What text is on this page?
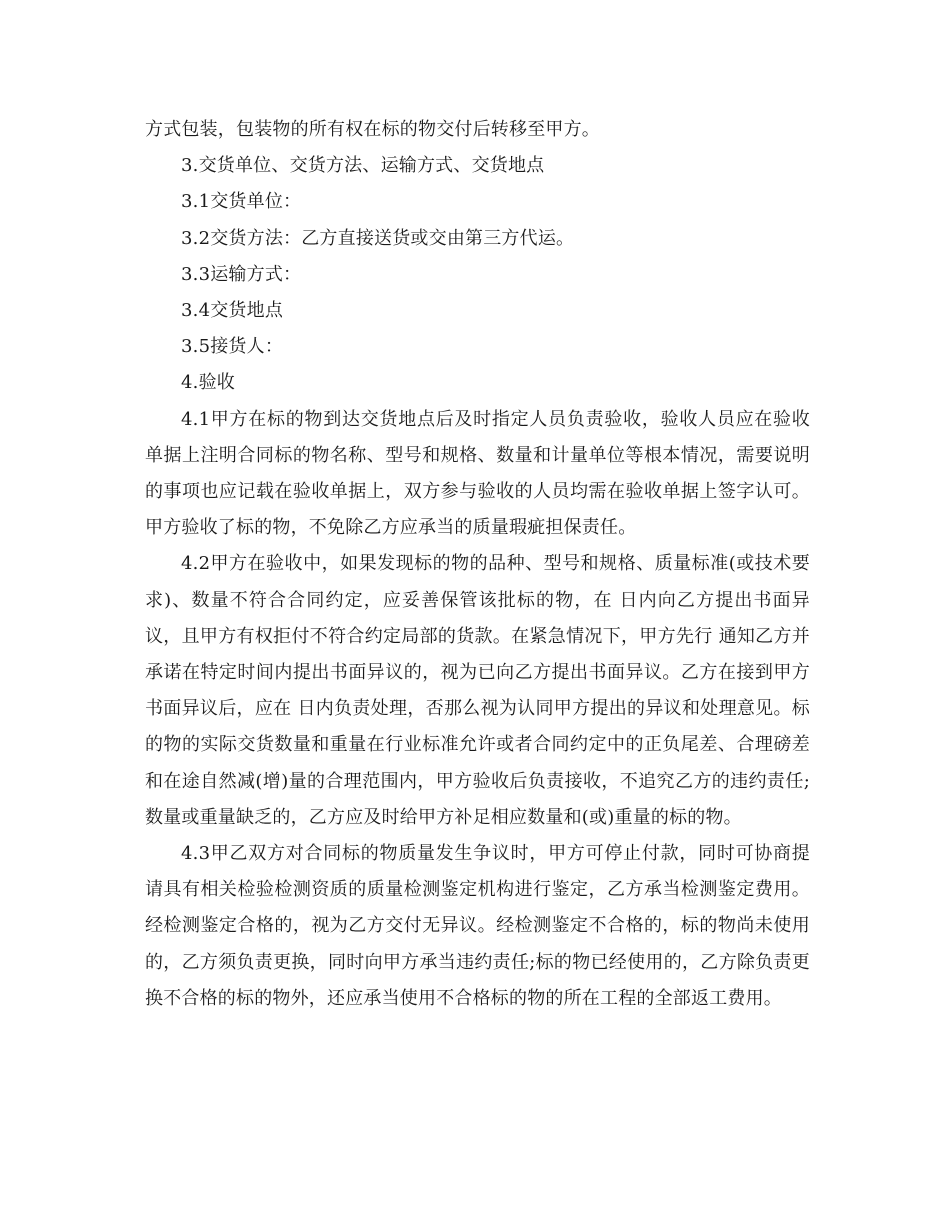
方式包装，包装物的所有权在标的物交付后转移至甲方。

3.交货单位、交货方法、运输方式、交货地点

3.1交货单位：

3.2交货方法：乙方直接送货或交由第三方代运。

3.3运输方式：

3.4交货地点

3.5接货人：

4.验收

4.1甲方在标的物到达交货地点后及时指定人员负责验收，验收人员应在验收单据上注明合同标的物名称、型号和规格、数量和计量单位等根本情况，需要说明的事项也应记载在验收单据上，双方参与验收的人员均需在验收单据上签字认可。甲方验收了标的物，不免除乙方应承当的质量瑕疵担保责任。

4.2甲方在验收中，如果发现标的物的品种、型号和规格、质量标准(或技术要求)、数量不符合合同约定，应妥善保管该批标的物，在 日内向乙方提出书面异议，且甲方有权拒付不符合约定局部的货款。在紧急情况下，甲方先行 通知乙方并承诺在特定时间内提出书面异议的，视为已向乙方提出书面异议。乙方在接到甲方书面异议后，应在 日内负责处理，否那么视为认同甲方提出的异议和处理意见。标的物的实际交货数量和重量在行业标准允许或者合同约定中的正负尾差、合理磅差和在途自然减(增)量的合理范围内，甲方验收后负责接收，不追究乙方的违约责任;数量或重量缺乏的，乙方应及时给甲方补足相应数量和(或)重量的标的物。

4.3甲乙双方对合同标的物质量发生争议时，甲方可停止付款，同时可协商提请具有相关检验检测资质的质量检测鉴定机构进行鉴定，乙方承当检测鉴定费用。经检测鉴定合格的，视为乙方交付无异议。经检测鉴定不合格的，标的物尚未使用的，乙方须负责更换，同时向甲方承当违约责任;标的物已经使用的，乙方除负责更换不合格的标的物外，还应承当使用不合格标的物的所在工程的全部返工费用。
